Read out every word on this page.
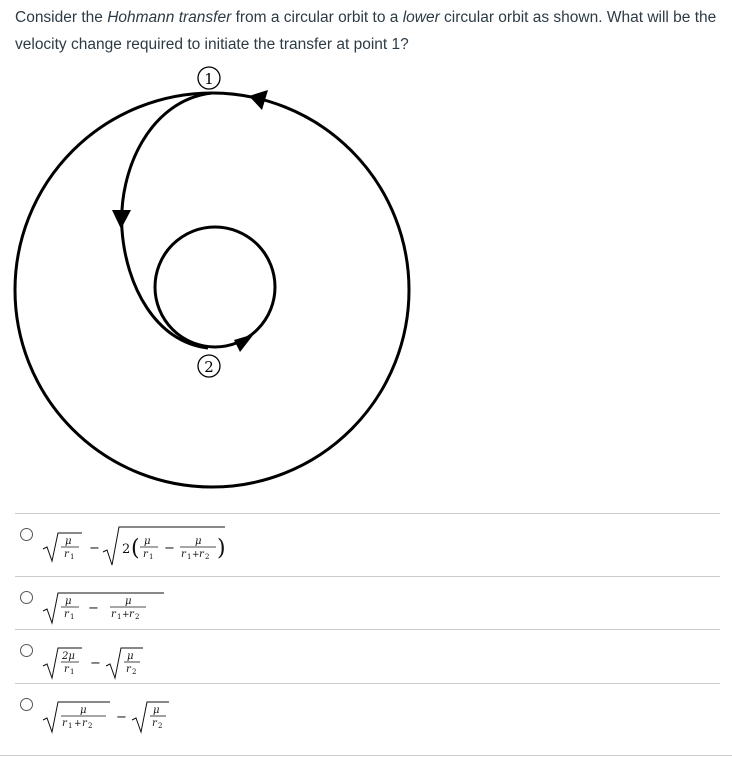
Consider the Hohmann transfer from a circular orbit to a lower circular orbit as shown. What will be the velocity change required to initiate the transfer at point 1?
1
2
μ
r 1
− 2 ( μ
r 1
− μ
r 1 + r 2 )
μ
r 1
−	μ
r 1 + r 2
2μ
r 1
−	μ
r 2
μ
r 1 + r 2
−	μ
r 2
